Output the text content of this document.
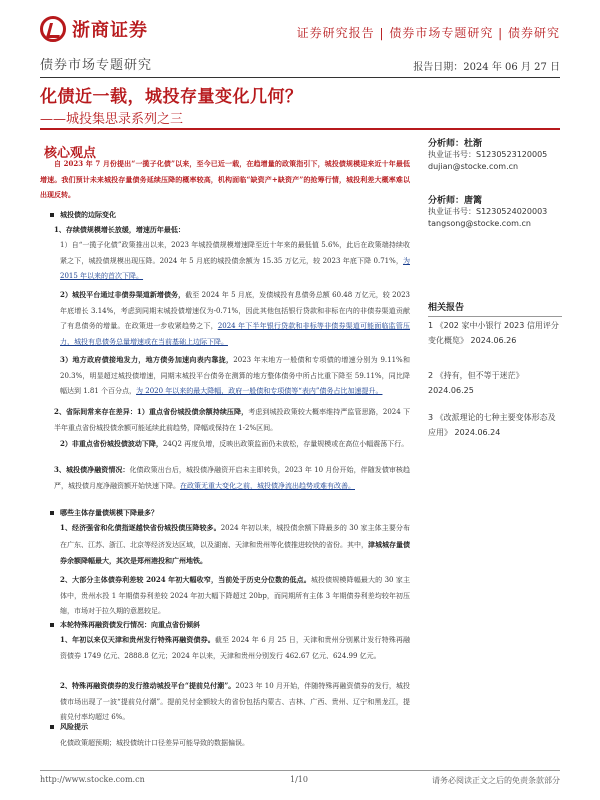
浙商证券	证券研究报告 | 债券市场专题研究 | 债券研究
债券市场专题研究	报告日期：2024 年 06 月 27 日
化债近一载，城投存量变化几何？
——城投集思录系列之三
核心观点
自 2023 年 7 月份提出“一揽子化债”以来，至今已近一载，在趋增量的政策指引下，城投债规模迎来近十年最低增速。我们预计未来城投存量债务延续压降的概率较高，机构面临“缺资产+缺资产”的抢筹行情，城投利差大概率难以出现反转。
城投债的边际变化
1、存续债规模增长放缓，增速历年最低：
1）自“一揽子化债”政策推出以来，2023 年城投债规模增速降至近十年来的最低值 5.6%，此后在政策端持续收紧之下，城投债规模出现压降。2024 年 5 月底的城投债余额为 15.35 万亿元，较 2023 年底下降 0.71%，为 2015 年以来的首次下降。
2）城投平台通过非债券渠道新增债务，截至 2024 年 5 月底，发债城投有息债务总额 60.48 万亿元，较 2023 年底增长 3.14%，考虑到同期末城投债增速仅为-0.71%，因此其他包括银行贷款和非标在内的非债券渠道贡献了有息债务的增量。在政策进一步收紧趋势之下，2024 年下半年银行贷款和非标等非债券渠道可能面临监管压力，城投有息债务总量增速或在当前基础上边际下降。
3）地方政府债接地发力，地方债务加速向表内靠拢，2023 年末地方一般债和专项债的增速分别为 9.11%和 20.3%，明显超过城投债增速，同期末城投平台债务在测算的地方整体债务中所占比重下降至 59.11%，同比降幅达到 1.81 个百分点，为 2020 年以来的最大降幅，政府一般债和专项债等“表内”债务占比加速提升。
2、省际间常来存在差异：1）重点省份城投债余额持续压降，考虑到城投政策较大概率维持严监管思路，2024 下半年重点省份城投债余额可能延续此前趋势，降幅或保持在 1-2%区间。
2）非重点省份城投债波动下降，24Q2 再度负增，反映出政策监面仍未放松，存量规模或在高位小幅震荡下行。
3、城投债净融资情况：化债政策出台后，城投债净融资开启未主即转负，2023 年 10 月份开始，伴随发债审核趋严，城投债月度净融资额开始快速下降。在政策无重大变化之前，城投债净流出趋势或难有改善。
哪些主体存量债规模下降最多？
1、经济强省和化债指逐越快省份城投债压降较多。2024 年初以来，城投债余额下降最多的 30 家主体主要分布在广东、江苏、浙江、北京等经济发达区域，以及湖南、天津和贵州等化债推进较快的省份。其中，津城城存量债券余额降幅最大，其次是郑州港投和广州地铁。
2、大部分主体债券利差较 2024 年初大幅收窄，当前处于历史分位数的低点。城投债规模降幅最大的 30 家主体中，贵州水投 1 年期债券利差较 2024 年初大幅下降超过 20bp，而同期所有主体 3 年期债券利差均较年初压缩，市场对于拉久期的意愿较足。
本轮特殊再融资债发行情况：向重点省份倾斜
1、年初以来仅天津和贵州发行特殊再融资债券。截至 2024 年 6 月 25 日，天津和贵州分别累计发行特殊再融资债券 1749 亿元、2888.8 亿元；2024 年以来，天津和贵州分别发行 462.67 亿元、624.99 亿元。
2、特殊再融资债券的发行推动城投平台“提前兑付潮”。2023 年 10 月开始，伴随特殊再融资债券的发行，城投债市场出现了一波“提前兑付潮”。提前兑付金额较大的省份包括内蒙古、吉林、广西、贵州、辽宁和黑龙江，提前兑付率均超过 6%。
风险提示
化债政策超预期；城投债统计口径差异可能导致的数据偏误。
分析师：杜渐
执业证书号：S1230523120005
dujian@stocke.com.cn
分析师：唐篱
执业证书号：S1230524020003
tangsong@stocke.com.cn
相关报告
1 《202 家中小银行 2023 信用评分变化概览》 2024.06.26
2 《持有，但不等于迷茫》 2024.06.25
3 《改派理论的七种主要变体形态及应用》 2024.06.24
http://www.stocke.com.cn	1/10	请务必阅读正文之后的免责条款部分
